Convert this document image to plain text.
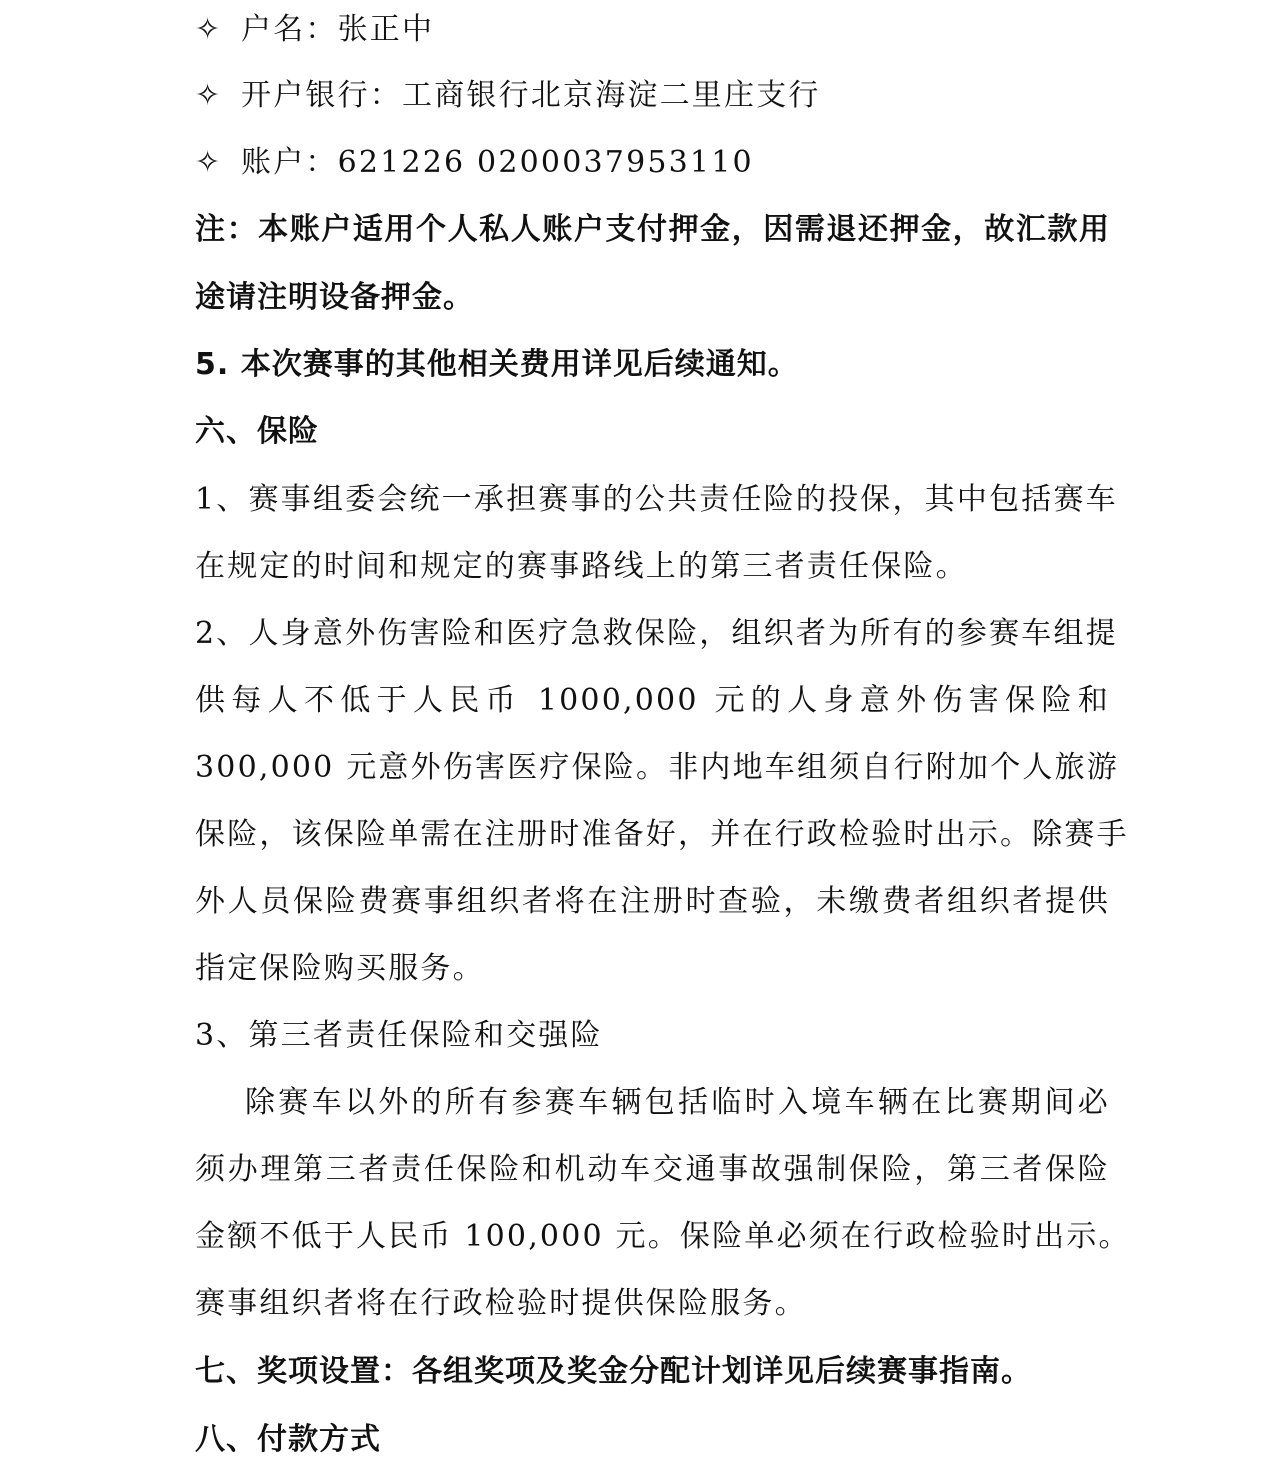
✧ 户名：张正中
✧ 开户银行：工商银行北京海淀二里庄支行
✧ 账户：621226 0200037953110
注：本账户适用个人私人账户支付押金，因需退还押金，故汇款用
途请注明设备押金。
5. 本次赛事的其他相关费用详见后续通知。
六、保险
1、赛事组委会统一承担赛事的公共责任险的投保，其中包括赛车
在规定的时间和规定的赛事路线上的第三者责任保险。
2、人身意外伤害险和医疗急救保险，组织者为所有的参赛车组提
供每人不低于人民币 1000,000 元的人身意外伤害保险和
300,000 元意外伤害医疗保险。非内地车组须自行附加个人旅游
保险，该保险单需在注册时准备好，并在行政检验时出示。除赛手
外人员保险费赛事组织者将在注册时查验，未缴费者组织者提供
指定保险购买服务。
3、第三者责任保险和交强险
除赛车以外的所有参赛车辆包括临时入境车辆在比赛期间必
须办理第三者责任保险和机动车交通事故强制保险，第三者保险
金额不低于人民币 100,000 元。保险单必须在行政检验时出示。
赛事组织者将在行政检验时提供保险服务。
七、奖项设置：各组奖项及奖金分配计划详见后续赛事指南。
八、付款方式
